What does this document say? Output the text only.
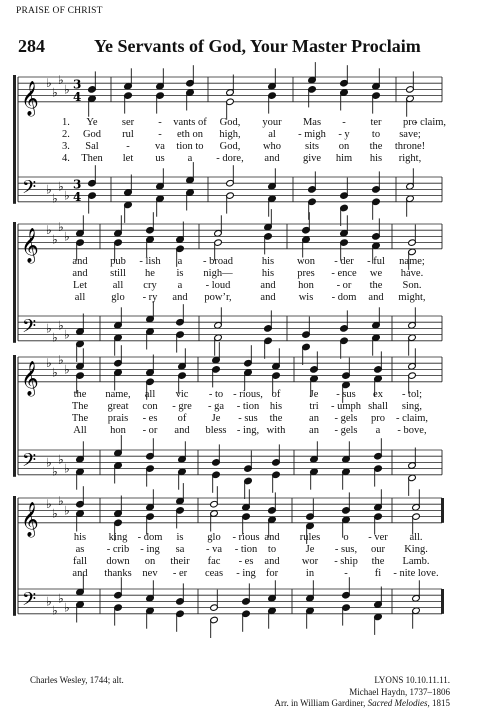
PRAISE OF CHRIST
284	Ye Servants of God, Your Master Proclaim
𝄞
𝄢
♭
♭
♭
♭
♭
♭
♭
♭
3
4
3
4
𝄞
𝄢
♭
♭
♭
♭
♭
♭
♭
♭
𝄞
𝄢
♭
♭
♭
♭
♭
♭
♭
♭
𝄞
𝄢
♭
♭
♭
♭
♭
♭
♭
♭
1.
2.
3.
4.
Ye
God
Sal
Then
ser
rul
-
let
-
-
va
us
vants of
eth on
tion to
a
God,
high,
God,
- dore,
your
al
who
and
Mas
- migh
sits
give
-
- y
on
him
ter
to
the
his
pro
save;
throne!
right,
- claim,
and
and
Let
all
pub
still
all
glo
- lish
he
cry
- ry
a
is
a
and
- broad
nigh—
- loud
pow’r,
his
his
and
and
won
pres
hon
wis
- der
- ence
- or
- dom
- ful
we
the
and
name;
have.
Son.
might,
the
The
The
All
name,
great
prais
hon
all
con
- es
- or
vic
- gre
of
and
- to
- ga
Je
bless
- rious,
- tion
- sus
- ing,
of
his
the
with
Je
tri
an
an
- sus
- umph
- gels
- gels
ex
shall
pro
a
- tol;
sing,
- claim,
- bove,
his
as
fall
and
king
- crib
down
thanks
- dom
- ing
on
nev
is
sa
their
- er
glo
- va
fac
ceas
- rious
- tion
- es
- ing
and
to
and
for
rules
Je
wor
in
o
- sus,
- ship
-
- ver
our
the
fi
all.
King.
Lamb.
- nite love.
Charles Wesley, 1744; alt.	LYONS 10.10.11.11.
Michael Haydn, 1737–1806
Arr. in William Gardiner, Sacred Melodies, 1815
